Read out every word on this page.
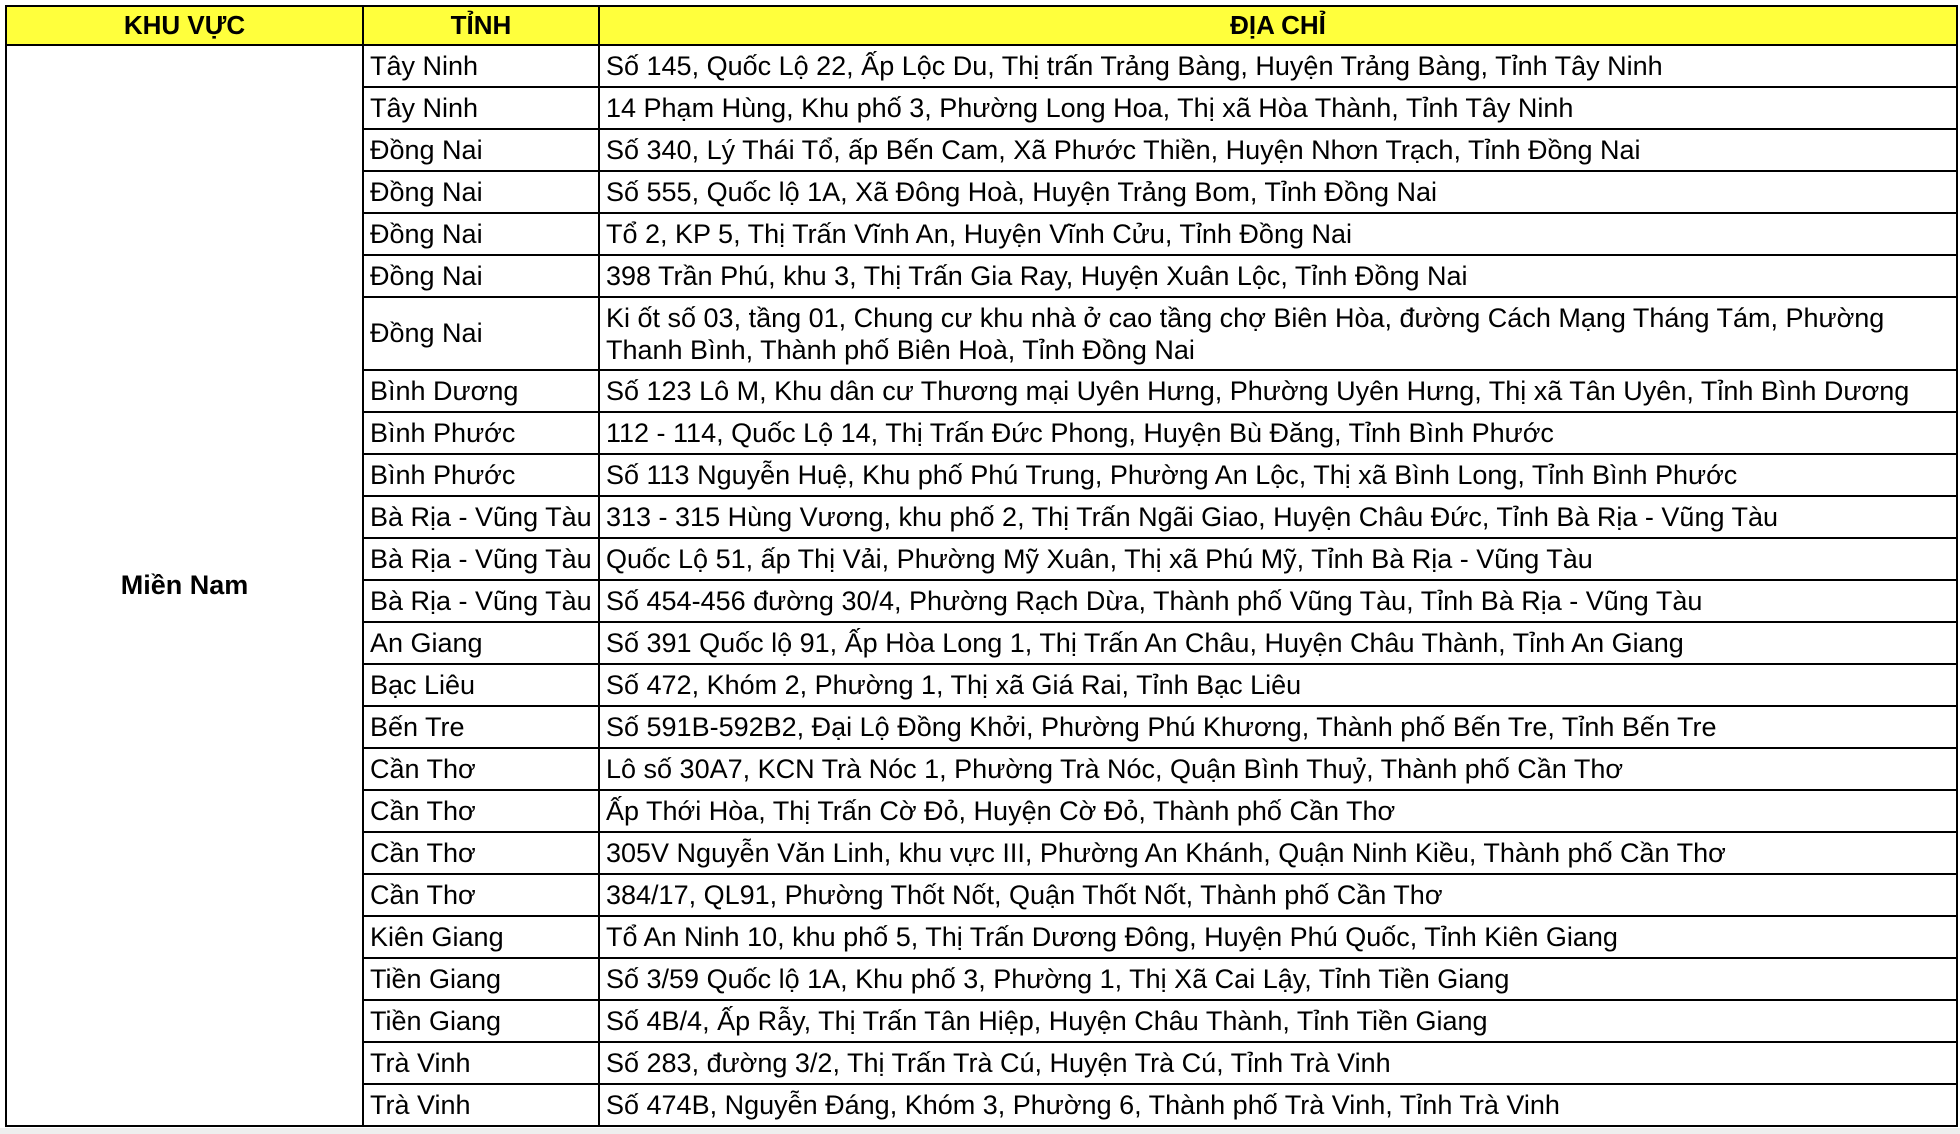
KHU VỰC	TỈNH	ĐỊA CHỈ
Miền Nam	Tây Ninh	Số 145, Quốc Lộ 22, Ấp Lộc Du, Thị trấn Trảng Bàng, Huyện Trảng Bàng, Tỉnh Tây Ninh
	Tây Ninh	14 Phạm Hùng, Khu phố 3, Phường Long Hoa, Thị xã Hòa Thành, Tỉnh Tây Ninh
	Đồng Nai	Số 340, Lý Thái Tổ, ấp Bến Cam, Xã Phước Thiền, Huyện Nhơn Trạch, Tỉnh Đồng Nai
	Đồng Nai	Số 555, Quốc lộ 1A, Xã Đông Hoà, Huyện Trảng Bom, Tỉnh Đồng Nai
	Đồng Nai	Tổ 2, KP 5, Thị Trấn Vĩnh An, Huyện Vĩnh Cửu, Tỉnh Đồng Nai
	Đồng Nai	398 Trần Phú, khu 3, Thị Trấn Gia Ray, Huyện Xuân Lộc, Tỉnh Đồng Nai
	Đồng Nai	Ki ốt số 03, tầng 01, Chung cư khu nhà ở cao tầng chợ Biên Hòa, đường Cách Mạng Tháng Tám, Phường Thanh Bình, Thành phố Biên Hoà, Tỉnh Đồng Nai
	Bình Dương	Số 123 Lô M, Khu dân cư Thương mại Uyên Hưng, Phường Uyên Hưng, Thị xã Tân Uyên, Tỉnh Bình Dương
	Bình Phước	112 - 114, Quốc Lộ 14, Thị Trấn Đức Phong, Huyện Bù Đăng, Tỉnh Bình Phước
	Bình Phước	Số 113 Nguyễn Huệ, Khu phố Phú Trung, Phường An Lộc, Thị xã Bình Long, Tỉnh Bình Phước
	Bà Rịa - Vũng Tàu	313 - 315 Hùng Vương, khu phố 2, Thị Trấn Ngãi Giao, Huyện Châu Đức, Tỉnh Bà Rịa - Vũng Tàu
	Bà Rịa - Vũng Tàu	Quốc Lộ 51, ấp Thị Vải, Phường Mỹ Xuân, Thị xã Phú Mỹ, Tỉnh Bà Rịa - Vũng Tàu
	Bà Rịa - Vũng Tàu	Số 454-456 đường 30/4, Phường Rạch Dừa, Thành phố Vũng Tàu, Tỉnh Bà Rịa - Vũng Tàu
	An Giang	Số 391 Quốc lộ 91, Ấp Hòa Long 1, Thị Trấn An Châu, Huyện Châu Thành, Tỉnh An Giang
	Bạc Liêu	Số 472, Khóm 2, Phường 1, Thị xã Giá Rai, Tỉnh Bạc Liêu
	Bến Tre	Số 591B-592B2, Đại Lộ Đồng Khởi, Phường Phú Khương, Thành phố Bến Tre, Tỉnh Bến Tre
	Cần Thơ	Lô số 30A7, KCN Trà Nóc 1, Phường Trà Nóc, Quận Bình Thuỷ, Thành phố Cần Thơ
	Cần Thơ	Ấp Thới Hòa, Thị Trấn Cờ Đỏ, Huyện Cờ Đỏ, Thành phố Cần Thơ
	Cần Thơ	305V Nguyễn Văn Linh, khu vực III, Phường An Khánh, Quận Ninh Kiều, Thành phố Cần Thơ
	Cần Thơ	384/17, QL91, Phường Thốt Nốt, Quận Thốt Nốt, Thành phố Cần Thơ
	Kiên Giang	Tổ An Ninh 10, khu phố 5, Thị Trấn Dương Đông, Huyện Phú Quốc, Tỉnh Kiên Giang
	Tiền Giang	Số 3/59 Quốc lộ 1A, Khu phố 3, Phường 1, Thị Xã Cai Lậy, Tỉnh Tiền Giang
	Tiền Giang	Số 4B/4, Ấp Rẫy, Thị Trấn Tân Hiệp, Huyện Châu Thành, Tỉnh Tiền Giang
	Trà Vinh	Số 283, đường 3/2, Thị Trấn Trà Cú, Huyện Trà Cú, Tỉnh Trà Vinh
	Trà Vinh	Số 474B, Nguyễn Đáng, Khóm 3, Phường 6, Thành phố Trà Vinh, Tỉnh Trà Vinh
